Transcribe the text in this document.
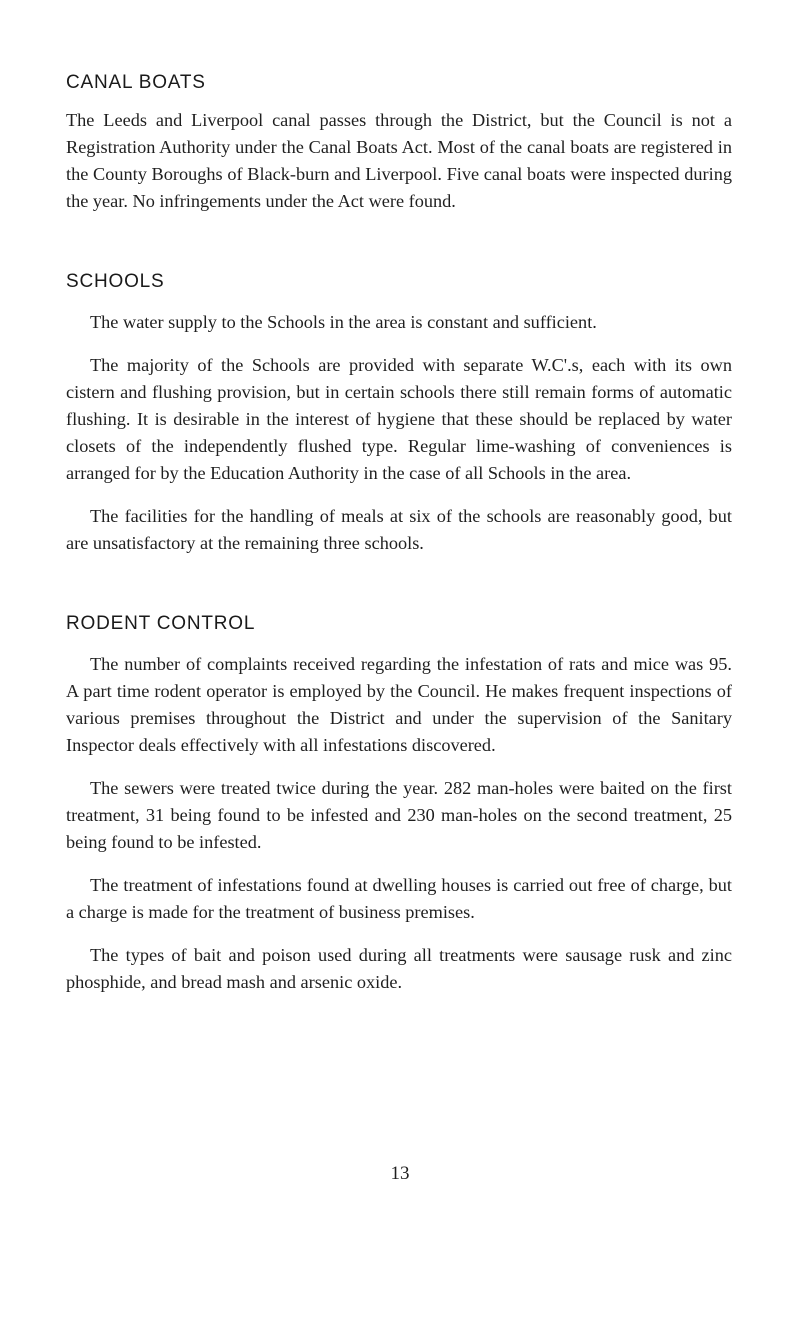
CANAL BOATS

The Leeds and Liverpool canal passes through the District, but the Council is not a Registration Authority under the Canal Boats Act. Most of the canal boats are registered in the County Boroughs of Black-burn and Liverpool. Five canal boats were inspected during the year. No infringements under the Act were found.

SCHOOLS

The water supply to the Schools in the area is constant and sufficient.

The majority of the Schools are provided with separate W.C'.s, each with its own cistern and flushing provision, but in certain schools there still remain forms of automatic flushing. It is desirable in the interest of hygiene that these should be replaced by water closets of the independently flushed type. Regular lime-washing of conveniences is arranged for by the Education Authority in the case of all Schools in the area.

The facilities for the handling of meals at six of the schools are reasonably good, but are unsatisfactory at the remaining three schools.

RODENT CONTROL

The number of complaints received regarding the infestation of rats and mice was 95. A part time rodent operator is employed by the Council. He makes frequent inspections of various premises throughout the District and under the supervision of the Sanitary Inspector deals effectively with all infestations discovered.

The sewers were treated twice during the year. 282 man-holes were baited on the first treatment, 31 being found to be infested and 230 man-holes on the second treatment, 25 being found to be infested.

The treatment of infestations found at dwelling houses is carried out free of charge, but a charge is made for the treatment of business premises.

The types of bait and poison used during all treatments were sausage rusk and zinc phosphide, and bread mash and arsenic oxide.

13
